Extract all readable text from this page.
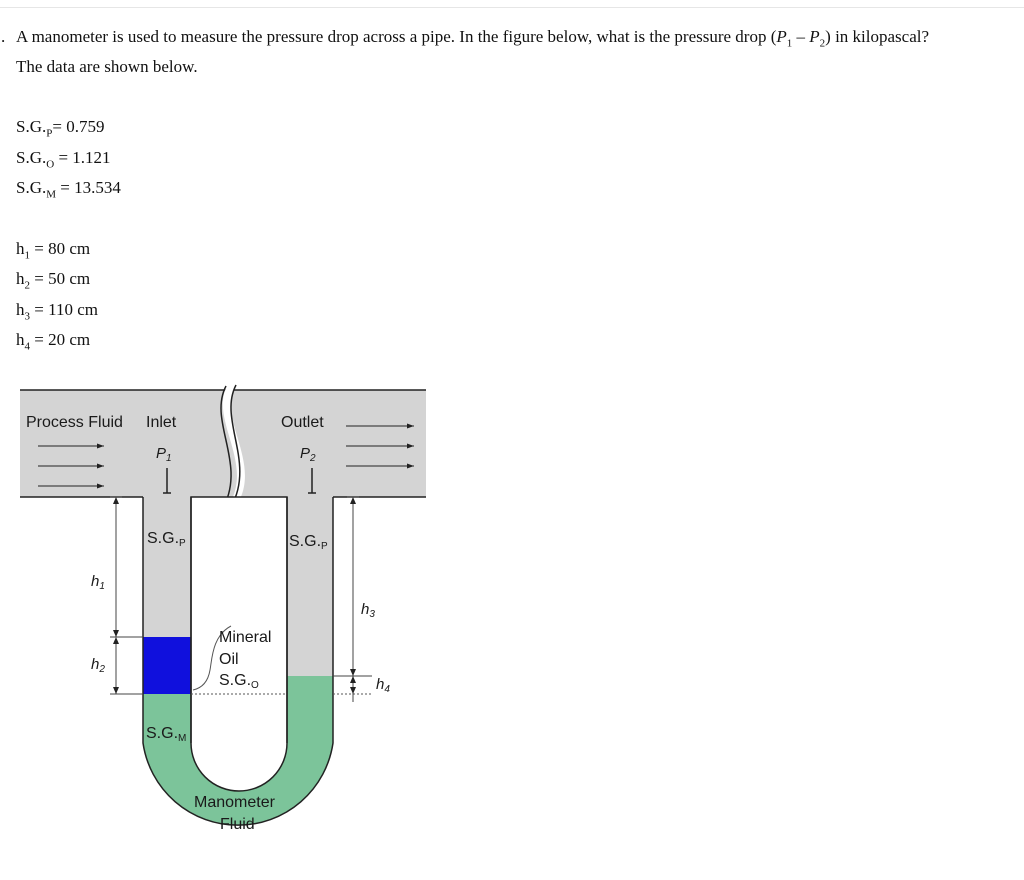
. A manometer is used to measure the pressure drop across a pipe. In the figure below, what is the pressure drop $(P_1 - P_2)$ in kilopascal?
The data are shown below.
$S.G._P= 0.759$
$S.G._O = 1.121$
$S.G._M = 13.534$
$h_1 = 80$ cm
$h_2 = 50$ cm
$h_3 = 110$ cm
$h_4 = 20$ cm
Process Fluid Inlet	Outlet
$P_1$	$P_2$
S.G.P	S.G.P
$h_1$
$h_2$
$h_3$
$h_4$
Mineral
Oil
S.G.O
S.G.M
Manometer
Fluid
